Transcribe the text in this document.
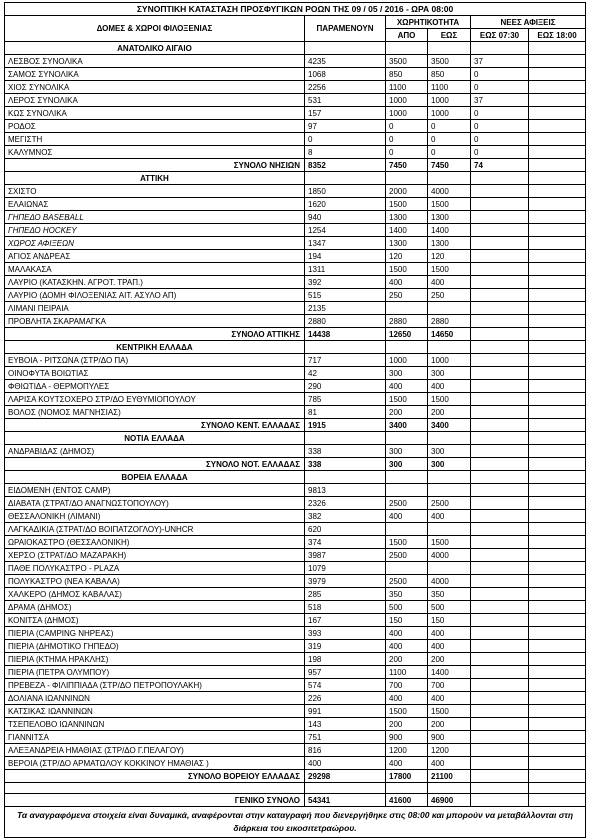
ΣΥΝΟΠΤΙΚΗ ΚΑΤΑΣΤΑΣΗ ΠΡΟΣΦΥΓΙΚΩΝ ΡΟΩΝ ΤΗΣ 09 / 05 / 2016 - ΩΡΑ 08:00					
ΔΟΜΕΣ & ΧΩΡΟΙ ΦΙΛΟΞΕΝΙΑΣ	ΠΑΡΑΜΕΝΟΥΝ	ΧΩΡΗΤΙΚΟΤΗΤΑ		ΝΕΕΣ ΑΦΙΞΕΙΣ	
		ΑΠΟ	ΕΩΣ	ΕΩΣ 07:30	ΕΩΣ 18:00
ΑΝΑΤΟΛΙΚΟ ΑΙΓΑΙΟ					
ΛΕΣΒΟΣ ΣΥΝΟΛΙΚΑ	4235	3500	3500	37	
ΣΑΜΟΣ ΣΥΝΟΛΙΚΑ	1068	850	850	0	
ΧΙΟΣ ΣΥΝΟΛΙΚΑ	2256	1100	1100	0	
ΛΕΡΟΣ ΣΥΝΟΛΙΚΑ	531	1000	1000	37	
ΚΩΣ ΣΥΝΟΛΙΚΑ	157	1000	1000	0	
ΡΟΔΟΣ	97	0	0	0	
ΜΕΓΙΣΤΗ	0	0	0	0	
ΚΑΛΥΜΝΟΣ	8	0	0	0	
ΣΥΝΟΛΟ ΝΗΣΙΩΝ	8352	7450	7450	74	
ΑΤΤΙΚΗ					
ΣΧΙΣΤΟ	1850	2000	4000		
ΕΛΑΙΩΝΑΣ	1620	1500	1500		
ΓΗΠΕΔΟ BASEBALL	940	1300	1300		
ΓΗΠΕΔΟ HOCKEY	1254	1400	1400		
ΧΩΡΟΣ ΑΦΙΞΕΩΝ	1347	1300	1300		
ΑΓΙΟΣ ΑΝΔΡΕΑΣ	194	120	120		
ΜΑΛΑΚΑΣΑ	1311	1500	1500		
ΛΑΥΡΙΟ (ΚΑΤΑΣΚΗΝ. ΑΓΡΟΤ. ΤΡΑΠ.)	392	400	400		
ΛΑΥΡΙΟ (ΔΟΜΗ ΦΙΛΟΞΕΝΙΑΣ ΑΙΤ. ΑΣΥΛΟ ΑΠ)	515	250	250		
ΛΙΜΑΝΙ ΠΕΙΡΑΙΑ	2135				
ΠΡΟΒΛΗΤΑ ΣΚΑΡΑΜΑΓΚΑ	2880	2880	2880		
ΣΥΝΟΛΟ ΑΤΤΙΚΗΣ	14438	12650	14650		
ΚΕΝΤΡΙΚΗ ΕΛΛΑΔΑ					
ΕΥΒΟΙΑ - ΡΙΤΣΩΝΑ (ΣΤΡ/ΔΟ ΠΑ)	717	1000	1000		
ΟΙΝΟΦΥΤΑ ΒΟΙΩΤΙΑΣ	42	300	300		
ΦΘΙΩΤΙΔΑ - ΘΕΡΜΟΠΥΛΕΣ	290	400	400		
ΛΑΡΙΣΑ ΚΟΥΤΣΟΧΕΡΟ ΣΤΡ/ΔΟ ΕΥΘΥΜΙΟΠΟΥΛΟΥ	785	1500	1500		
ΒΟΛΟΣ (ΝΟΜΟΣ ΜΑΓΝΗΣΙΑΣ)	81	200	200		
ΣΥΝΟΛΟ ΚΕΝΤ. ΕΛΛΑΔΑΣ	1915	3400	3400		
ΝΟΤΙΑ ΕΛΛΑΔΑ					
ΑΝΔΡΑΒΙΔΑΣ (ΔΗΜΟΣ)	338	300	300		
ΣΥΝΟΛΟ ΝΟΤ. ΕΛΛΑΔΑΣ	338	300	300		
ΒΟΡΕΙΑ ΕΛΛΑΔΑ					
ΕΙΔΟΜΕΝΗ (ΕΝΤΟΣ CAMP)	9813				
ΔΙΑΒΑΤΑ (ΣΤΡΑΤ/ΔΟ ΑΝΑΓΝΩΣΤΟΠΟΥΛΟΥ)	2326	2500	2500		
ΘΕΣΣΑΛΟΝΙΚΗ (ΛΙΜΑΝΙ)	382	400	400		
ΛΑΓΚΑΔΙΚΙΑ (ΣΤΡΑΤ/ΔΟ ΒΟΙΠΑΤΖΟΓΛΟΥ)-UNHCR	620				
ΩΡΑΙΟΚΑΣΤΡΟ (ΘΕΣΣΑΛΟΝΙΚΗ)	374	1500	1500		
ΧΕΡΣΟ (ΣΤΡΑΤ/ΔΟ ΜΑΖΑΡΑΚΗ)	3987	2500	4000		
ΠΑΘΕ ΠΟΛΥΚΑΣΤΡΟ - PLAZA	1079				
ΠΟΛΥΚΑΣΤΡΟ (ΝΕΑ ΚΑΒΑΛΑ)	3979	2500	4000		
ΧΑΛΚΕΡΟ (ΔΗΜΟΣ ΚΑΒΑΛΑΣ)	285	350	350		
ΔΡΑΜΑ (ΔΗΜΟΣ)	518	500	500		
ΚΟΝΙΤΣΑ (ΔΗΜΟΣ)	167	150	150		
ΠΙΕΡΙΑ (CAMPING ΝΗΡΕΑΣ)	393	400	400		
ΠΙΕΡΙΑ (ΔΗΜΟΤΙΚΟ ΓΗΠΕΔΟ)	319	400	400		
ΠΙΕΡΙΑ (ΚΤΗΜΑ ΗΡΑΚΛΗΣ)	198	200	200		
ΠΙΕΡΙΑ (ΠΕΤΡΑ ΟΛΥΜΠΟΥ)	957	1100	1400		
ΠΡΕΒΕΖΑ - ΦΙΛΙΠΠΙΑΔΑ (ΣΤΡ/ΔΟ ΠΕΤΡΟΠΟΥΛΑΚΗ)	574	700	700		
ΔΟΛΙΑΝΑ ΙΩΑΝΝΙΝΩΝ	226	400	400		
ΚΑΤΣΙΚΑΣ ΙΩΑΝΝΙΝΩΝ	991	1500	1500		
ΤΣΕΠΕΛΟΒΟ ΙΩΑΝΝΙΝΩΝ	143	200	200		
ΓΙΑΝΝΙΤΣΑ	751	900	900		
ΑΛΕΞΑΝΔΡΕΙΑ ΗΜΑΘΙΑΣ (ΣΤΡ/ΔΟ Γ.ΠΕΛΑΓΟΥ)	816	1200	1200		
ΒΕΡΟΙΑ (ΣΤΡ/ΔΟ ΑΡΜΑΤΩΛΟΥ ΚΟΚΚΙΝΟΥ ΗΜΑΘΙΑΣ )	400	400	400		
ΣΥΝΟΛΟ ΒΟΡΕΙΟΥ ΕΛΛΑΔΑΣ	29298	17800	21100		

ΓΕΝΙΚΟ ΣΥΝΟΛΟ	54341	41600	46900		
Τα αναγραφόμενα στοιχεία είναι δυναμικά, αναφέρονται στην καταγραφή που διενεργήθηκε στις 08:00 και μπορούν να μεταβάλλονται στη διάρκεια του εικοσιτετραώρου.					
